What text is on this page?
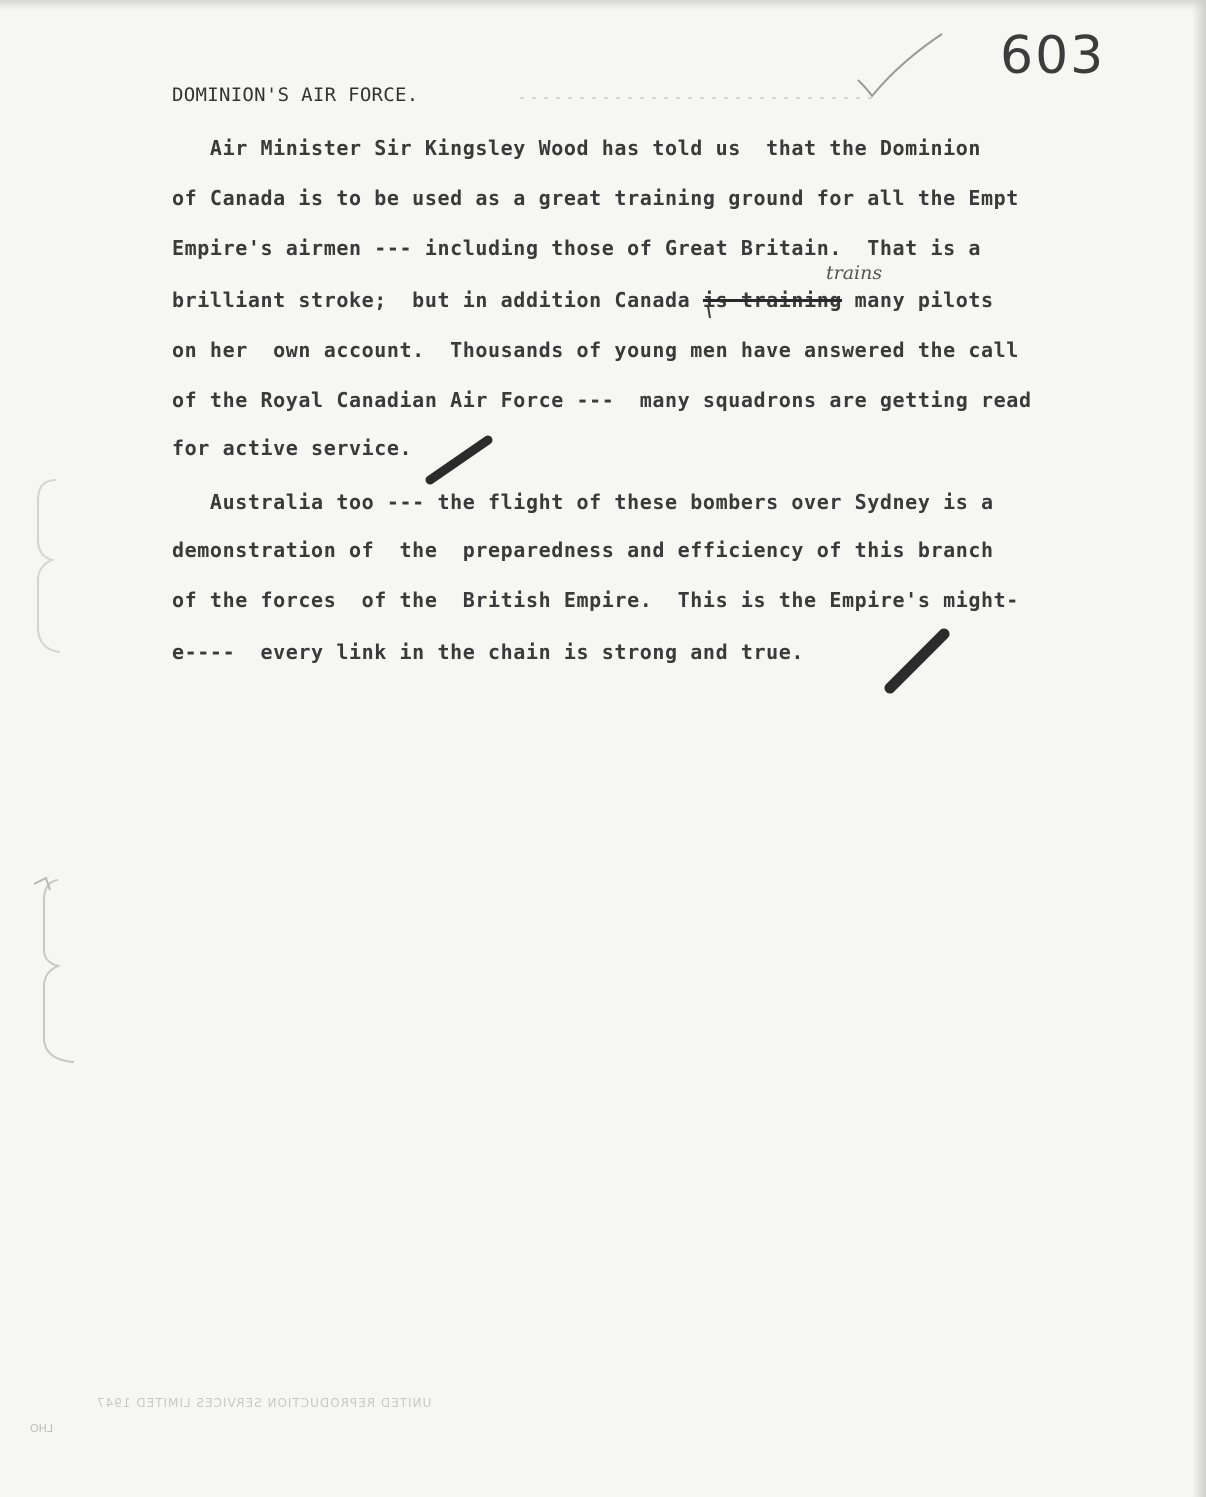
603
DOMINION'S AIR FORCE.
Air Minister Sir Kingsley Wood has told us  that the Dominion
of Canada is to be used as a great training ground for all the Empt
Empire's airmen --- including those of Great Britain.  That is a
trains
brilliant stroke;  but in addition Canada is training many pilots
on her  own account.  Thousands of young men have answered the call
of the Royal Canadian Air Force ---  many squadrons are getting read
for active service.
Australia too --- the flight of these bombers over Sydney is a
demonstration of  the  preparedness and efficiency of this branch
of the forces  of the  British Empire.  This is the Empire's might-
e----  every link in the chain is strong and true.
UNITED REPRODUCTION SERVICES LIMITED 1947
LHO
